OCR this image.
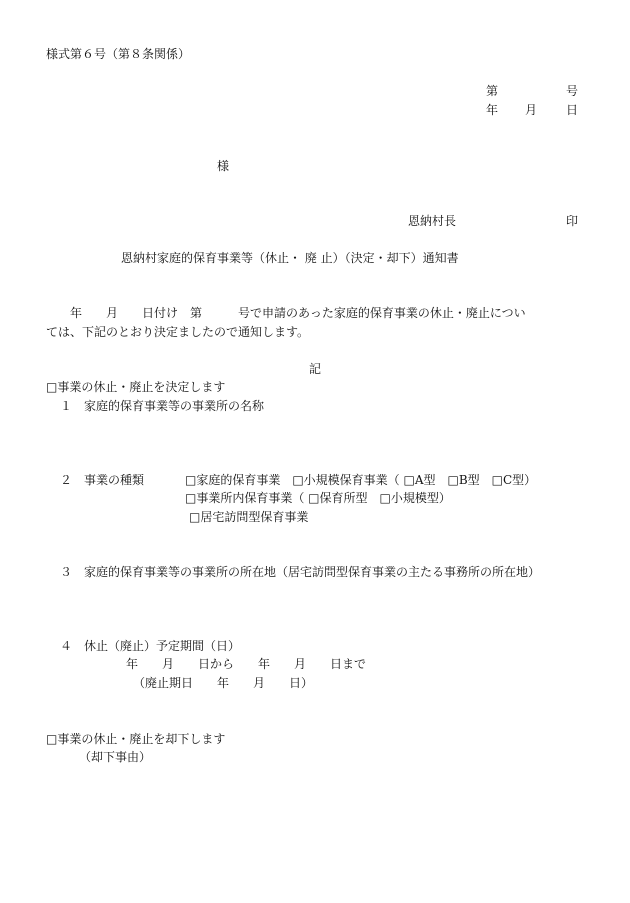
様式第６号（第８条関係）

第	号

年 月 日

様

恩納村長	印

恩納村家庭的保育事業等（休止・ 廃 止）（決定・却下）通知書

　　年　　月　　日付け　第　　　号で申請のあった家庭的保育事業の休止・廃止につい

ては、下記のとおり決定ましたので通知します。

記

□事業の休止・廃止を決定します

１　家庭的保育事業等の事業所の名称

２　事業の種類	□家庭的保育事業　□小規模保育事業（ □A型　□B型　□C型）

□事業所内保育事業（ □保育所型　□小規模型）

□居宅訪問型保育事業

３　家庭的保育事業等の事業所の所在地（居宅訪問型保育事業の主たる事務所の所在地）

４　休止（廃止）予定期間（日）

年　　月　　日から　　年　　月　　日まで

（廃止期日　　年　　月　　日）

□事業の休止・廃止を却下します

（却下事由）
